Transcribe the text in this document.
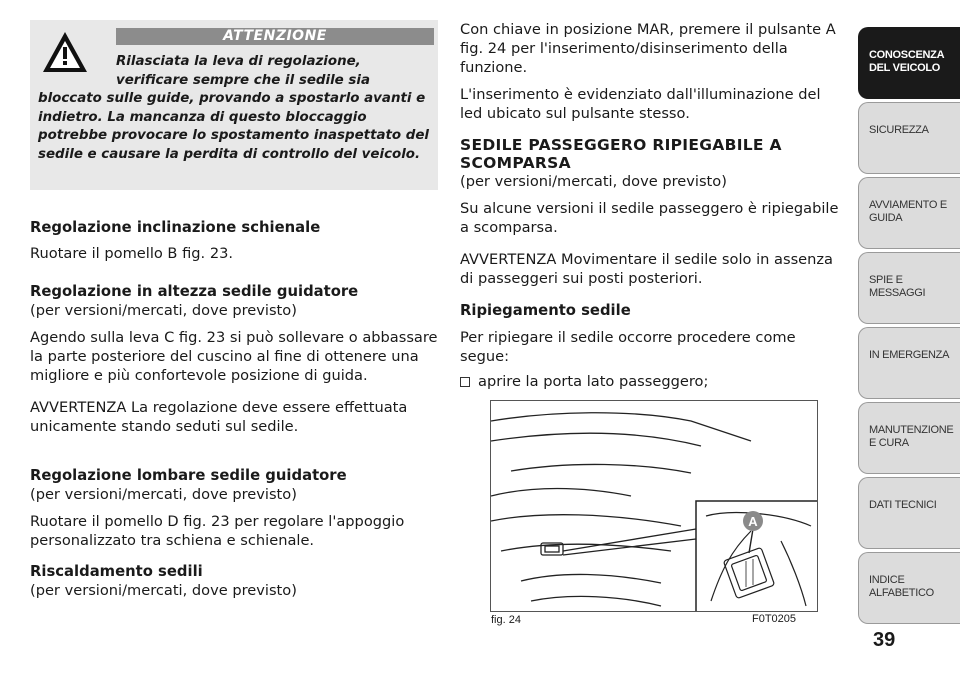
ATTENZIONE
Rilasciata la leva di regolazione,
verificare sempre che il sedile sia
bloccato sulle guide, provando a spostarlo avanti e indietro. La mancanza di questo bloccaggio potrebbe provocare lo spostamento inaspettato del sedile e causare la perdita di controllo del veicolo.

Regolazione inclinazione schienale

Ruotare il pomello B fig. 23.

Regolazione in altezza sedile guidatore

(per versioni/mercati, dove previsto)

Agendo sulla leva C fig. 23 si può sollevare o abbassare la parte posteriore del cuscino al fine di ottenere una migliore e più confortevole posizione di guida.

AVVERTENZA La regolazione deve essere effettuata unicamente stando seduti sul sedile.

Regolazione lombare sedile guidatore

(per versioni/mercati, dove previsto)

Ruotare il pomello D fig. 23 per regolare l'appoggio personalizzato tra schiena e schienale.

Riscaldamento sedili

(per versioni/mercati, dove previsto)

Con chiave in posizione MAR, premere il pulsante A fig. 24 per l'inserimento/disinserimento della funzione.

L'inserimento è evidenziato dall'illuminazione del led ubicato sul pulsante stesso.

SEDILE PASSEGGERO RIPIEGABILE A SCOMPARSA

(per versioni/mercati, dove previsto)

Su alcune versioni il sedile passeggero è ripiegabile a scomparsa.

AVVERTENZA Movimentare il sedile solo in assenza di passeggeri sui posti posteriori.

Ripiegamento sedile

Per ripiegare il sedile occorre procedere come segue:

aprire la porta lato passeggero;

A
fig. 24	F0T0205
CONOSCENZA DEL VEICOLO
SICUREZZA
AVVIAMENTO E GUIDA
SPIE E MESSAGGI
IN EMERGENZA
MANUTENZIONE E CURA
DATI TECNICI
INDICE ALFABETICO
39
